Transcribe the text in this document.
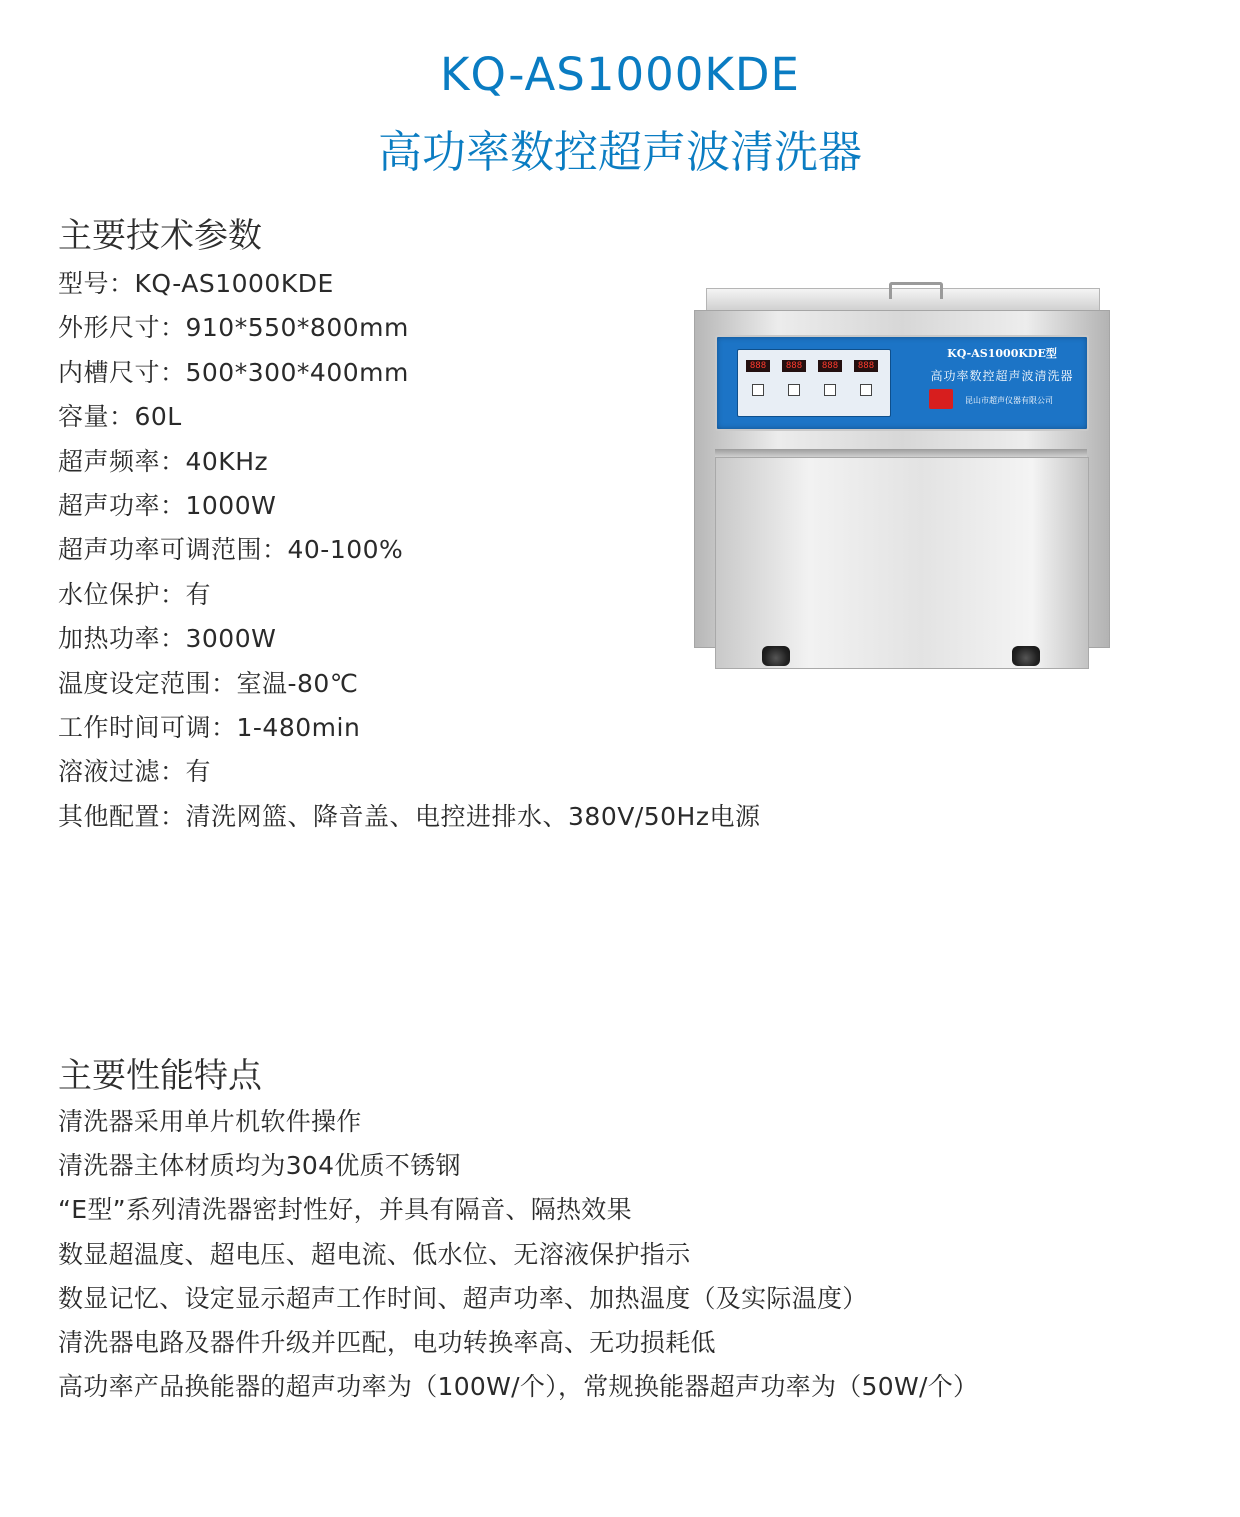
KQ-AS1000KDE
高功率数控超声波清洗器
主要技术参数
型号：KQ-AS1000KDE
外形尺寸：910*550*800mm
内槽尺寸：500*300*400mm
容量：60L
超声频率：40KHz
超声功率：1000W
超声功率可调范围：40-100%
水位保护：有
加热功率：3000W
温度设定范围：室温-80℃
工作时间可调：1-480min
溶液过滤：有
其他配置：清洗网篮、降音盖、电控进排水、380V/50Hz电源
888	888	888	888
KQ-AS1000KDE型
高功率数控超声波清洗器
昆山市超声仪器有限公司
主要性能特点
清洗器采用单片机软件操作
清洗器主体材质均为304优质不锈钢
“E型”系列清洗器密封性好，并具有隔音、隔热效果
数显超温度、超电压、超电流、低水位、无溶液保护指示
数显记忆、设定显示超声工作时间、超声功率、加热温度（及实际温度）
清洗器电路及器件升级并匹配，电功转换率高、无功损耗低
高功率产品换能器的超声功率为（100W/个），常规换能器超声功率为（50W/个）
